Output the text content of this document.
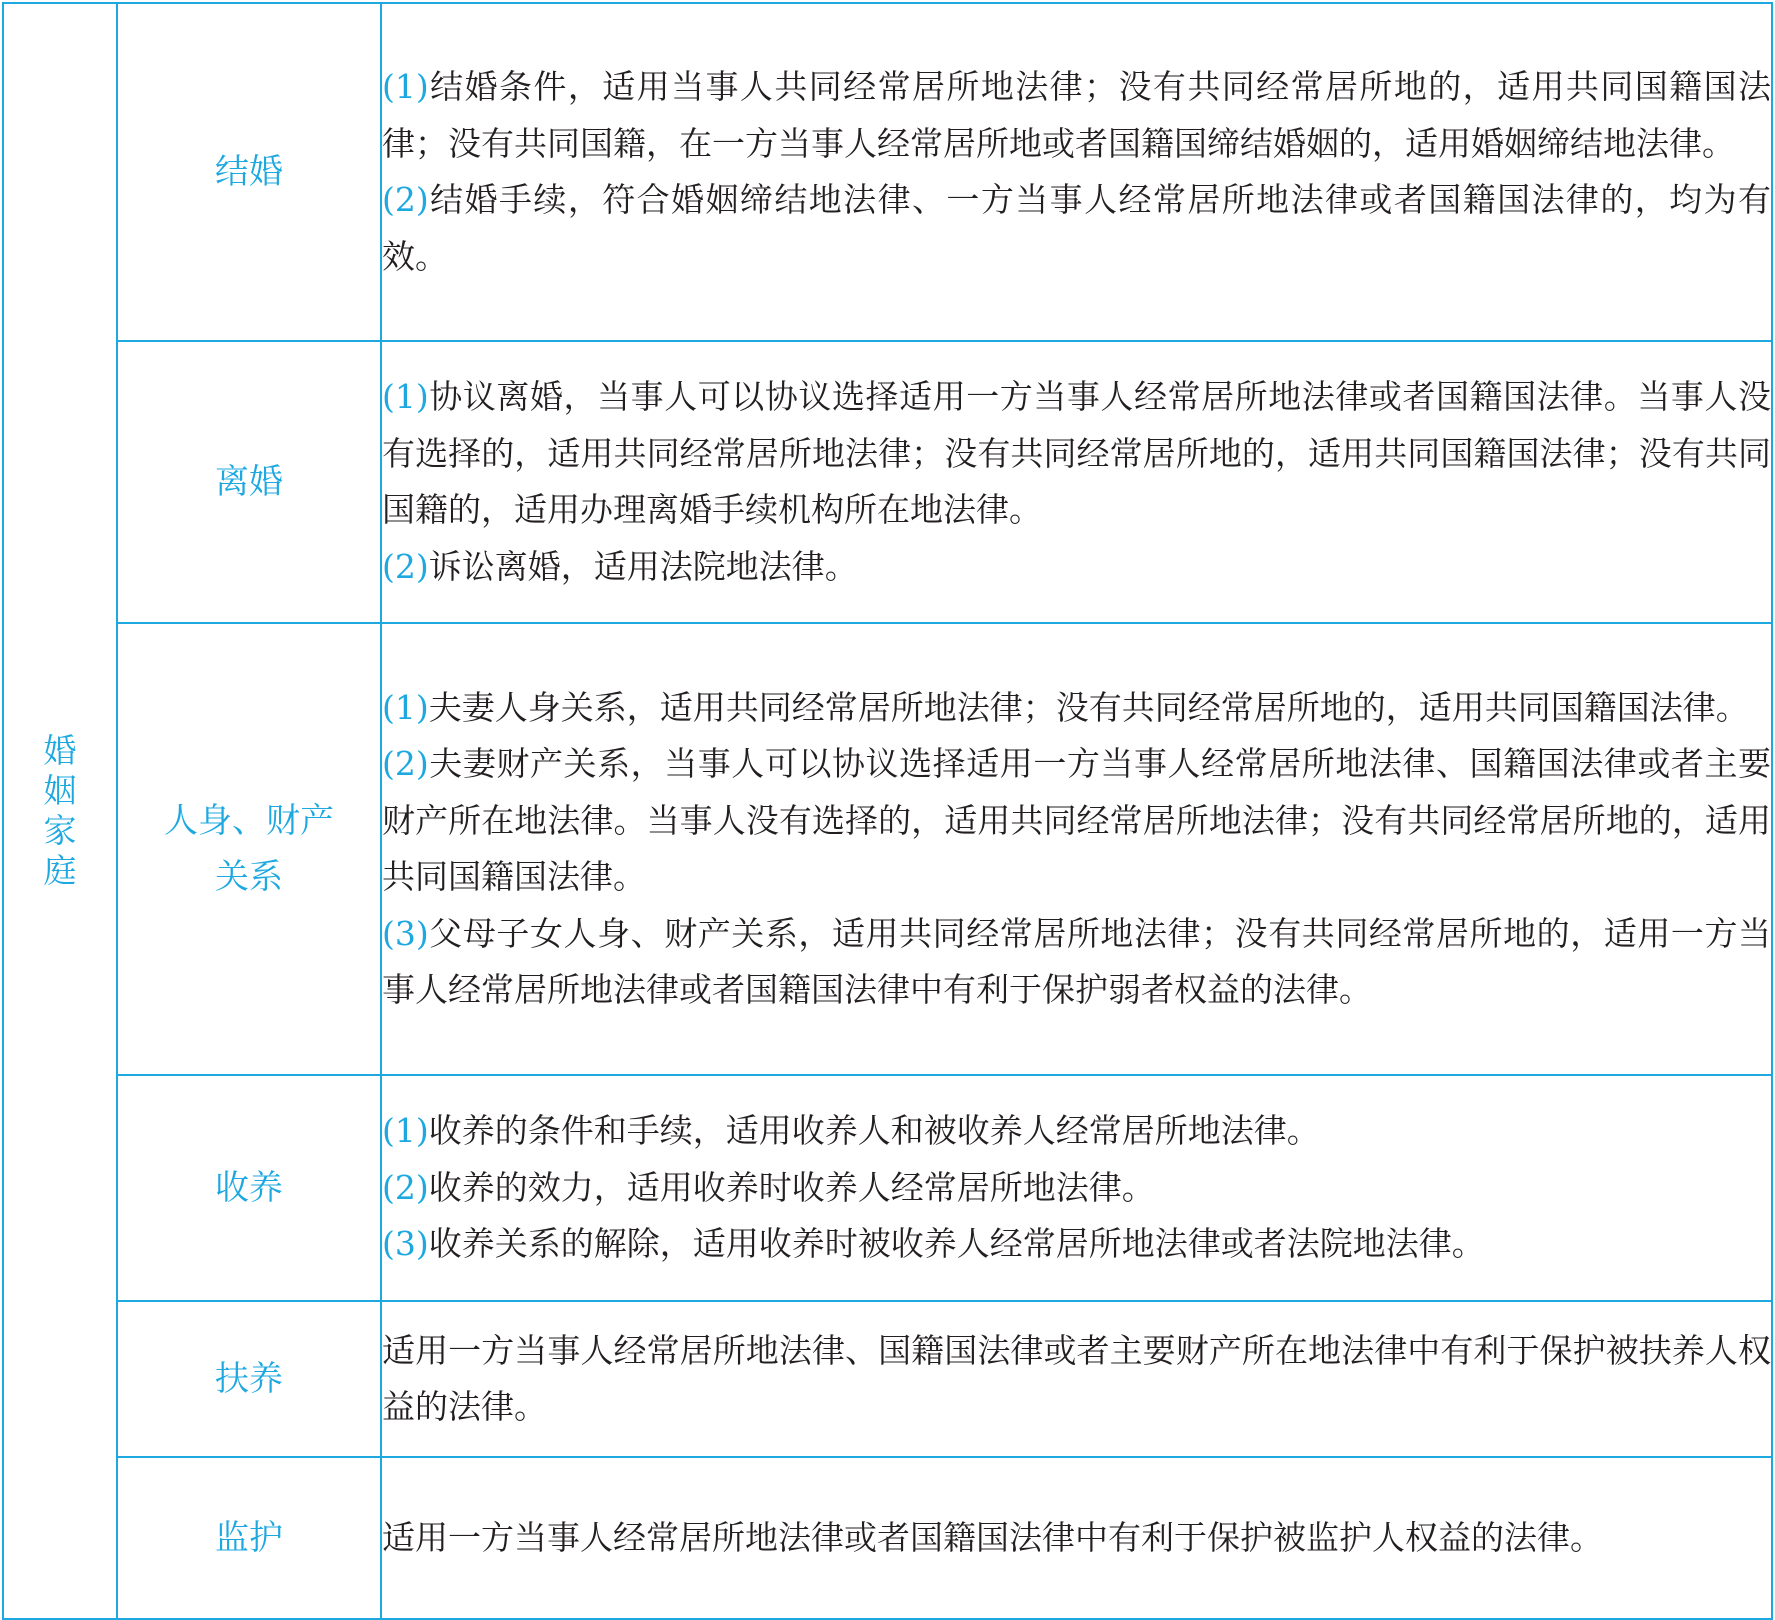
婚姻家庭	结婚	(1)结婚条件，适用当事人共同经常居所地法律；没有共同经常居所地的，适用共同国籍国法律；没有共同国籍，在一方当事人经常居所地或者国籍国缔结婚姻的，适用婚姻缔结地法律。

(2)结婚手续，符合婚姻缔结地法律、一方当事人经常居所地法律或者国籍国法律的，均为有效。

	离婚	(1)协议离婚，当事人可以协议选择适用一方当事人经常居所地法律或者国籍国法律。当事人没有选择的，适用共同经常居所地法律；没有共同经常居所地的，适用共同国籍国法律；没有共同国籍的，适用办理离婚手续机构所在地法律。

(2)诉讼离婚，适用法院地法律。

	人身、财产关系	(1)夫妻人身关系，适用共同经常居所地法律；没有共同经常居所地的，适用共同国籍国法律。

(2)夫妻财产关系，当事人可以协议选择适用一方当事人经常居所地法律、国籍国法律或者主要财产所在地法律。当事人没有选择的，适用共同经常居所地法律；没有共同经常居所地的，适用共同国籍国法律。

(3)父母子女人身、财产关系，适用共同经常居所地法律；没有共同经常居所地的，适用一方当事人经常居所地法律或者国籍国法律中有利于保护弱者权益的法律。

	收养	(1)收养的条件和手续，适用收养人和被收养人经常居所地法律。

(2)收养的效力，适用收养时收养人经常居所地法律。

(3)收养关系的解除，适用收养时被收养人经常居所地法律或者法院地法律。

	扶养	适用一方当事人经常居所地法律、国籍国法律或者主要财产所在地法律中有利于保护被扶养人权益的法律。

	监护	适用一方当事人经常居所地法律或者国籍国法律中有利于保护被监护人权益的法律。
